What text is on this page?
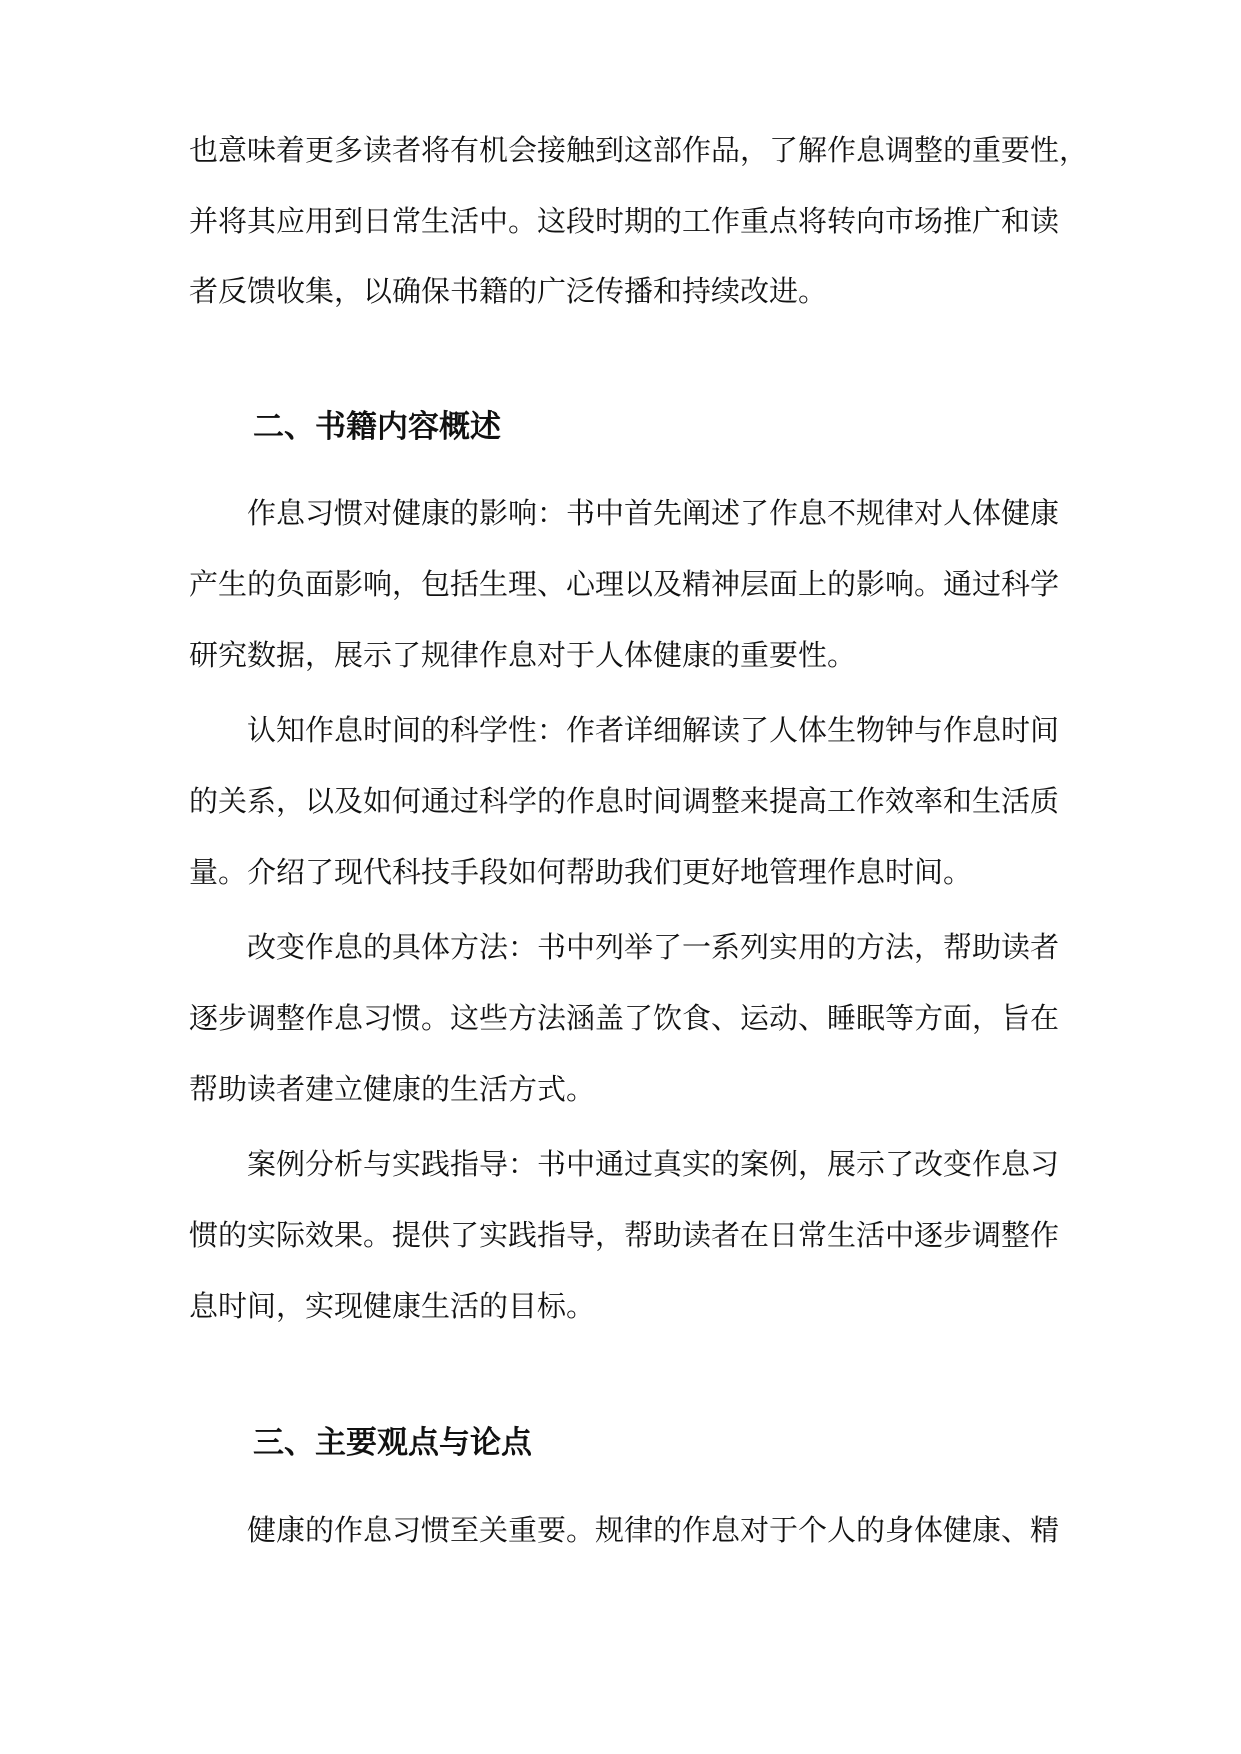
也意味着更多读者将有机会接触到这部作品，了解作息调整的重要性，
并将其应用到日常生活中。这段时期的工作重点将转向市场推广和读
者反馈收集，以确保书籍的广泛传播和持续改进。
二、书籍内容概述
作息习惯对健康的影响：书中首先阐述了作息不规律对人体健康
产生的负面影响，包括生理、心理以及精神层面上的影响。通过科学
研究数据，展示了规律作息对于人体健康的重要性。
认知作息时间的科学性：作者详细解读了人体生物钟与作息时间
的关系，以及如何通过科学的作息时间调整来提高工作效率和生活质
量。介绍了现代科技手段如何帮助我们更好地管理作息时间。
改变作息的具体方法：书中列举了一系列实用的方法，帮助读者
逐步调整作息习惯。这些方法涵盖了饮食、运动、睡眠等方面，旨在
帮助读者建立健康的生活方式。
案例分析与实践指导：书中通过真实的案例，展示了改变作息习
惯的实际效果。提供了实践指导，帮助读者在日常生活中逐步调整作
息时间，实现健康生活的目标。
三、主要观点与论点
健康的作息习惯至关重要。规律的作息对于个人的身体健康、精
